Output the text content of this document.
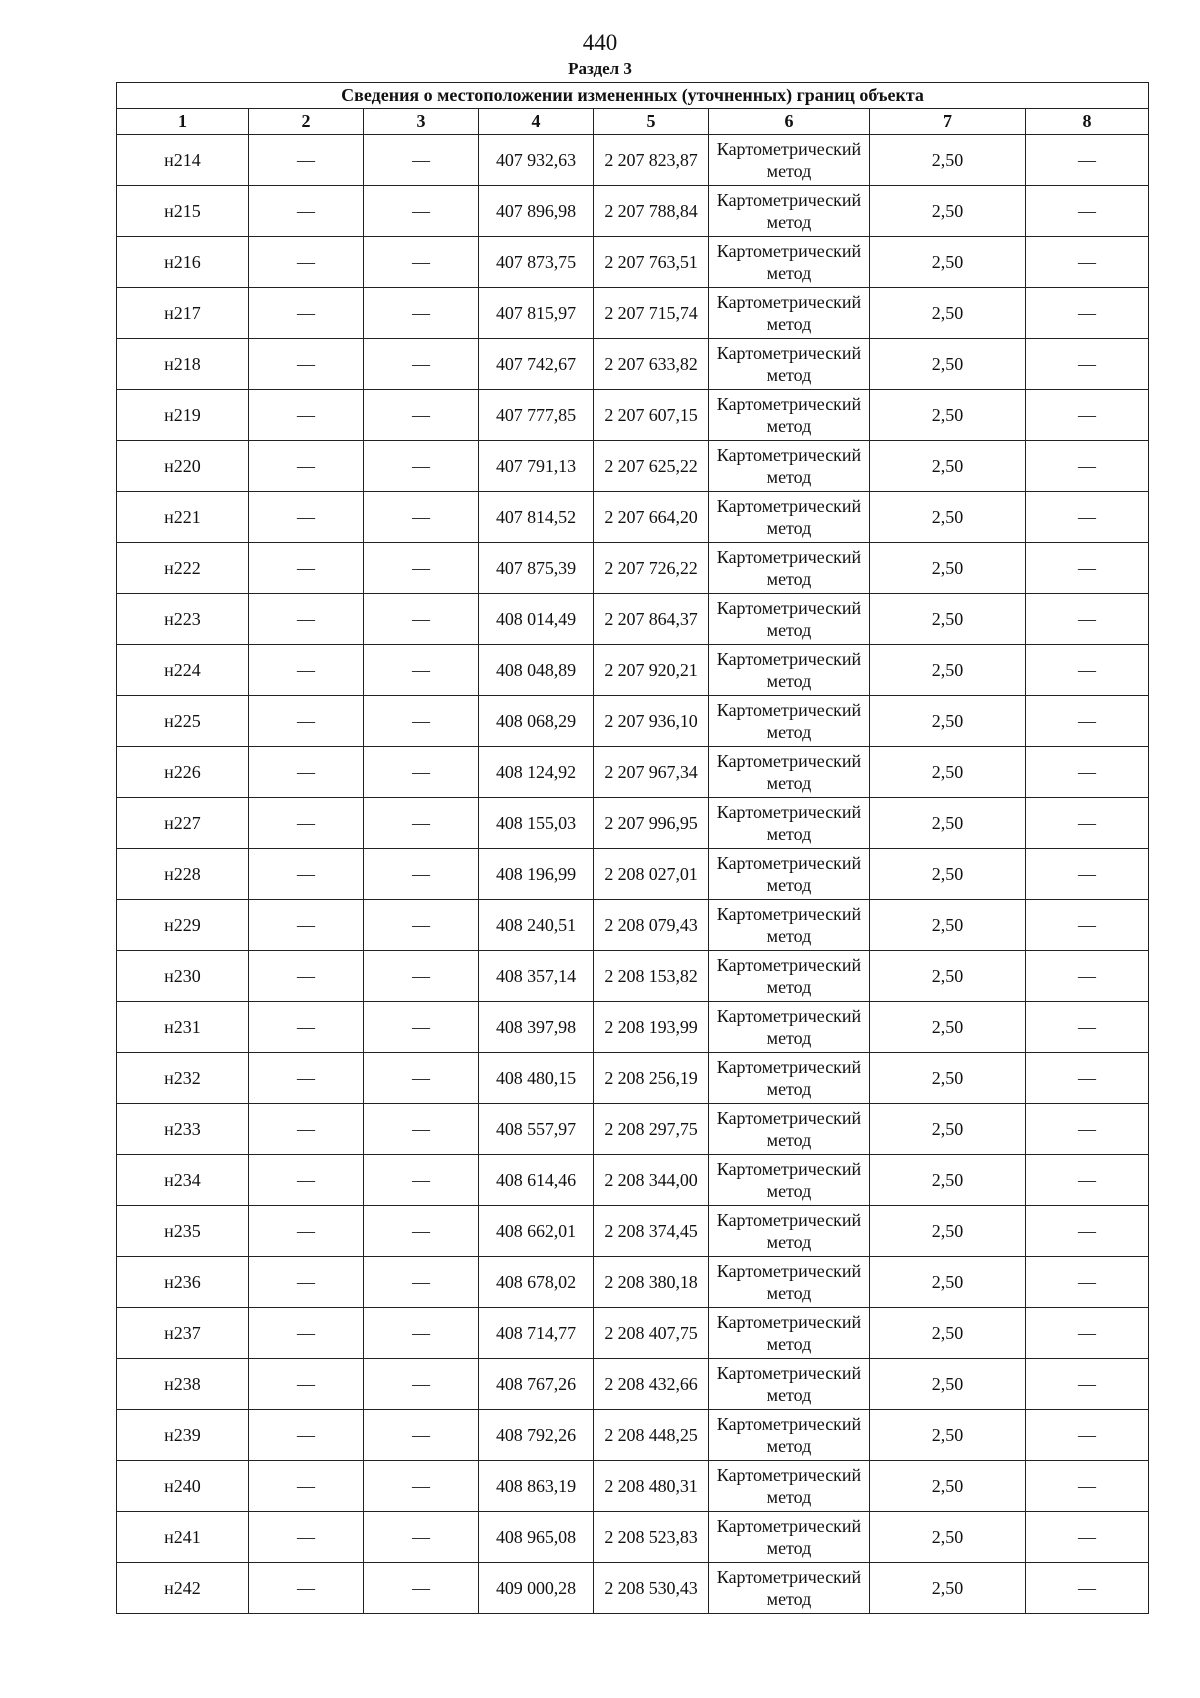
440
Раздел 3
Сведения о местоположении измененных (уточненных) границ объекта							
1	2	3	4	5	6	7	8
н214	—	—	407 932,63	2 207 823,87	Картометрический метод	2,50	—
н215	—	—	407 896,98	2 207 788,84	Картометрический метод	2,50	—
н216	—	—	407 873,75	2 207 763,51	Картометрический метод	2,50	—
н217	—	—	407 815,97	2 207 715,74	Картометрический метод	2,50	—
н218	—	—	407 742,67	2 207 633,82	Картометрический метод	2,50	—
н219	—	—	407 777,85	2 207 607,15	Картометрический метод	2,50	—
н220	—	—	407 791,13	2 207 625,22	Картометрический метод	2,50	—
н221	—	—	407 814,52	2 207 664,20	Картометрический метод	2,50	—
н222	—	—	407 875,39	2 207 726,22	Картометрический метод	2,50	—
н223	—	—	408 014,49	2 207 864,37	Картометрический метод	2,50	—
н224	—	—	408 048,89	2 207 920,21	Картометрический метод	2,50	—
н225	—	—	408 068,29	2 207 936,10	Картометрический метод	2,50	—
н226	—	—	408 124,92	2 207 967,34	Картометрический метод	2,50	—
н227	—	—	408 155,03	2 207 996,95	Картометрический метод	2,50	—
н228	—	—	408 196,99	2 208 027,01	Картометрический метод	2,50	—
н229	—	—	408 240,51	2 208 079,43	Картометрический метод	2,50	—
н230	—	—	408 357,14	2 208 153,82	Картометрический метод	2,50	—
н231	—	—	408 397,98	2 208 193,99	Картометрический метод	2,50	—
н232	—	—	408 480,15	2 208 256,19	Картометрический метод	2,50	—
н233	—	—	408 557,97	2 208 297,75	Картометрический метод	2,50	—
н234	—	—	408 614,46	2 208 344,00	Картометрический метод	2,50	—
н235	—	—	408 662,01	2 208 374,45	Картометрический метод	2,50	—
н236	—	—	408 678,02	2 208 380,18	Картометрический метод	2,50	—
н237	—	—	408 714,77	2 208 407,75	Картометрический метод	2,50	—
н238	—	—	408 767,26	2 208 432,66	Картометрический метод	2,50	—
н239	—	—	408 792,26	2 208 448,25	Картометрический метод	2,50	—
н240	—	—	408 863,19	2 208 480,31	Картометрический метод	2,50	—
н241	—	—	408 965,08	2 208 523,83	Картометрический метод	2,50	—
н242	—	—	409 000,28	2 208 530,43	Картометрический метод	2,50	—
